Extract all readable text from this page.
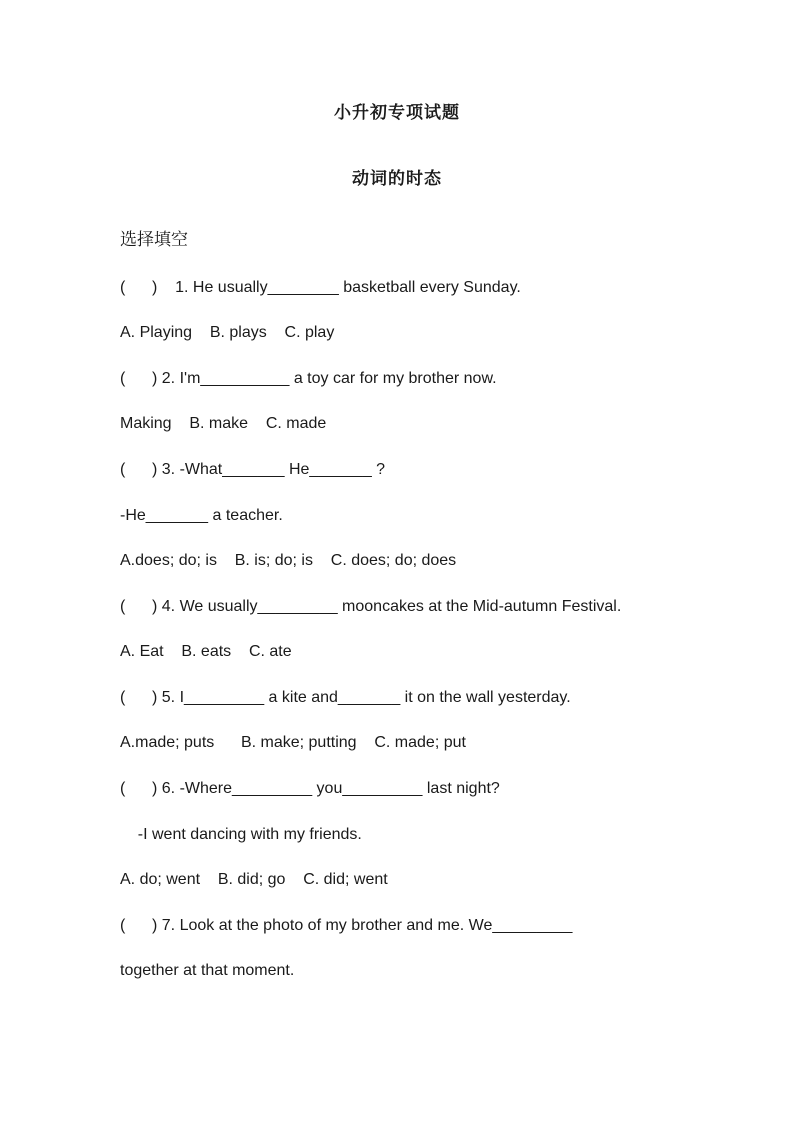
小升初专项试题
动词的时态
选择填空
(      )    1. He usually________ basketball every Sunday.
A. Playing    B. plays    C. play
(      ) 2. I'm__________ a toy car for my brother now.
Making    B. make    C. made
(      ) 3. -What_______ He_______ ?
-He_______ a teacher.
A.does; do; is    B. is; do; is    C. does; do; does
(      ) 4. We usually_________ mooncakes at the Mid-autumn Festival.
A. Eat    B. eats    C. ate
(      ) 5. I_________ a kite and_______ it on the wall yesterday.
A.made; puts      B. make; putting    C. made; put
(      ) 6. -Where_________ you_________ last night?
-I went dancing with my friends.
A. do; went    B. did; go    C. did; went
(      ) 7. Look at the photo of my brother and me. We_________
together at that moment.
